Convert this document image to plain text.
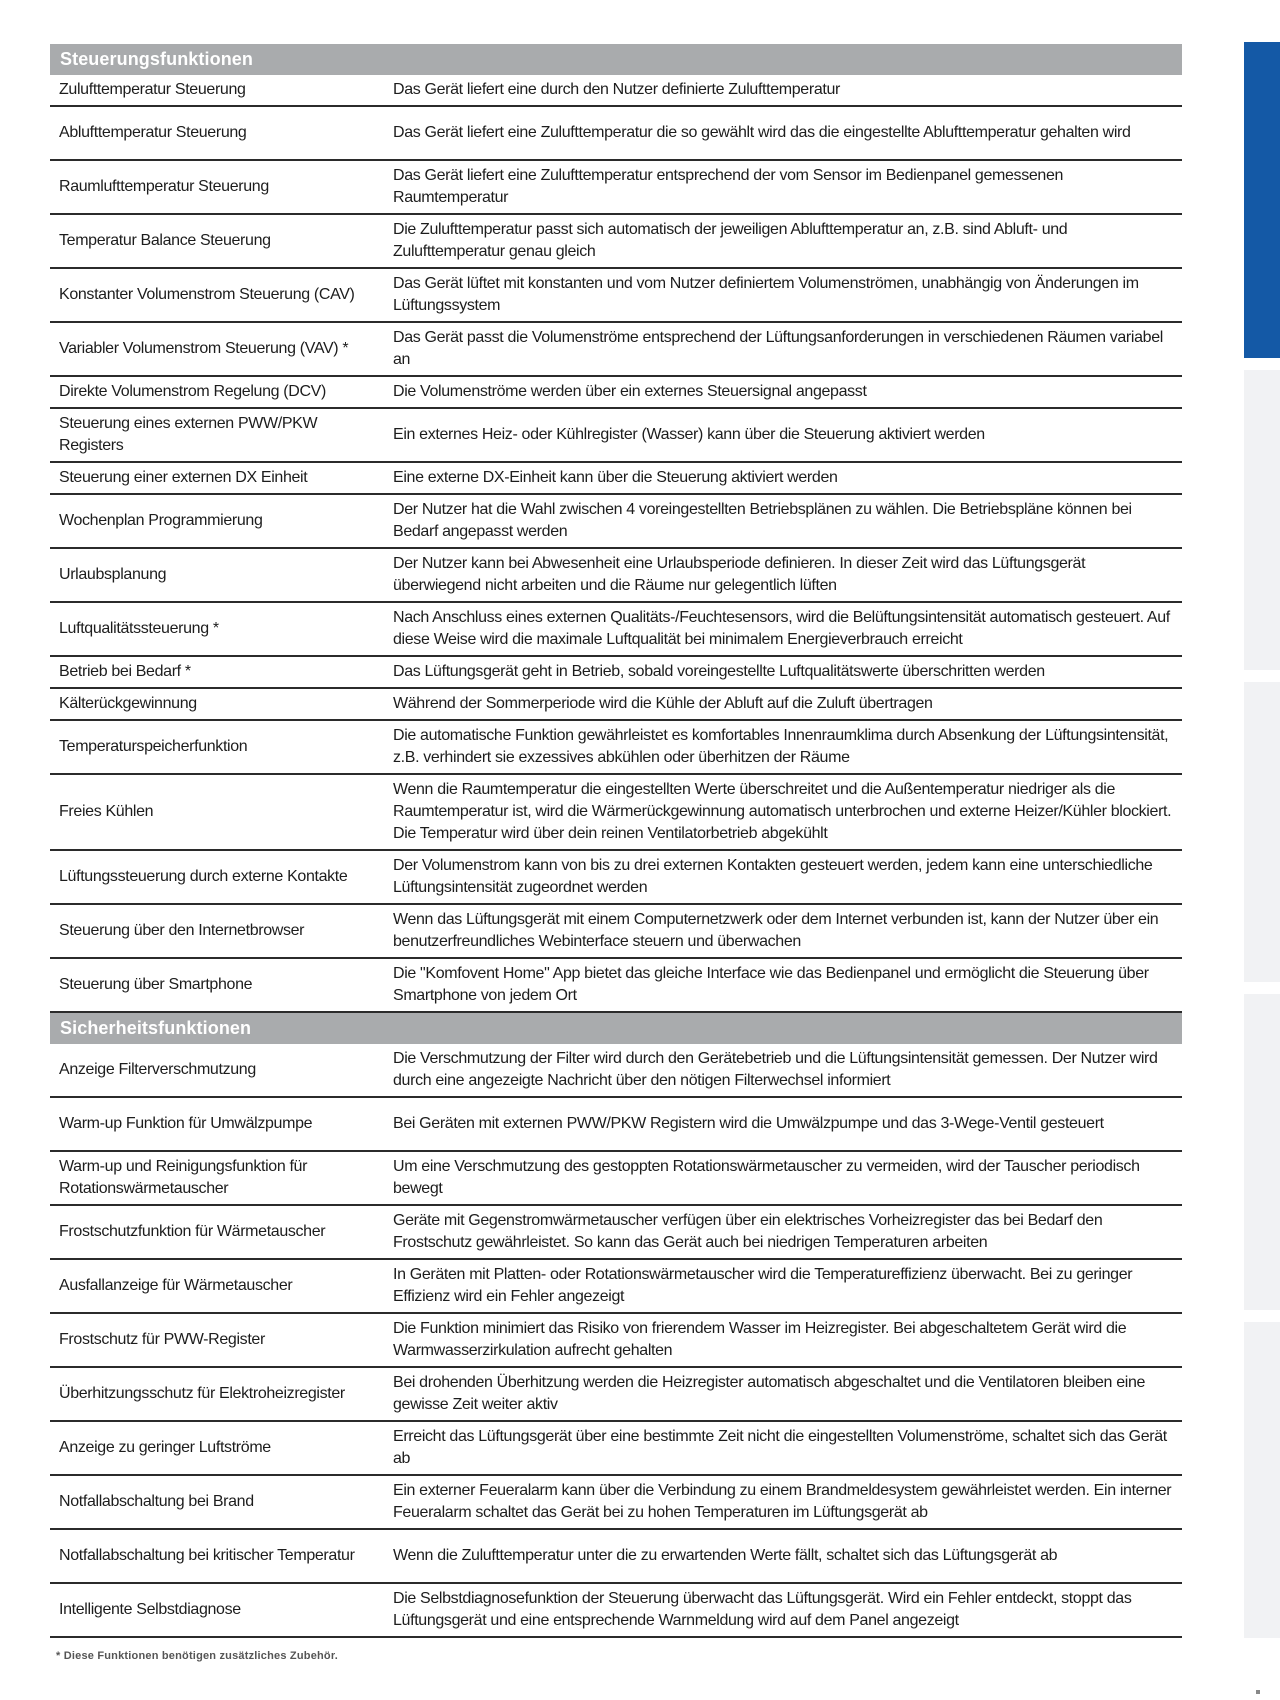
Steuerungsfunktionen	
Zulufttemperatur Steuerung	Das Gerät liefert eine durch den Nutzer definierte Zulufttemperatur
Ablufttemperatur Steuerung	Das Gerät liefert eine Zulufttemperatur die so gewählt wird das die eingestellte Ablufttemperatur gehalten wird
Raumlufttemperatur Steuerung	Das Gerät liefert eine Zulufttemperatur entsprechend der vom Sensor im Bedienpanel gemessenen Raumtemperatur
Temperatur Balance Steuerung	Die Zulufttemperatur passt sich automatisch der jeweiligen Ablufttemperatur an, z.B. sind Abluft- und Zulufttemperatur genau gleich
Konstanter Volumenstrom Steuerung (CAV)	Das Gerät lüftet mit konstanten und vom Nutzer definiertem Volumenströmen, unabhängig von Änderungen im Lüftungssystem
Variabler Volumenstrom Steuerung (VAV) *	Das Gerät passt die Volumenströme entsprechend der Lüftungsanforderungen in verschiedenen Räumen variabel an
Direkte Volumenstrom Regelung (DCV)	Die Volumenströme werden über ein externes Steuersignal angepasst
Steuerung eines externen PWW/PKW Registers	Ein externes Heiz- oder Kühlregister (Wasser) kann über die Steuerung aktiviert werden
Steuerung einer externen DX Einheit	Eine externe DX-Einheit kann über die Steuerung aktiviert werden
Wochenplan Programmierung	Der Nutzer hat die Wahl zwischen 4 voreingestellten Betriebsplänen zu wählen. Die Betriebspläne können bei Bedarf angepasst werden
Urlaubsplanung	Der Nutzer kann bei Abwesenheit eine Urlaubsperiode definieren. In dieser Zeit wird das Lüftungsgerät überwiegend nicht arbeiten und die Räume nur gelegentlich lüften
Luftqualitätssteuerung *	Nach Anschluss eines externen Qualitäts-/Feuchtesensors, wird die Belüftungsintensität automatisch gesteuert. Auf diese Weise wird die maximale Luftqualität bei minimalem Energieverbrauch erreicht
Betrieb bei Bedarf *	Das Lüftungsgerät geht in Betrieb, sobald voreingestellte Luftqualitätswerte überschritten werden
Kälterückgewinnung	Während der Sommerperiode wird die Kühle der Abluft auf die Zuluft übertragen
Temperaturspeicherfunktion	Die automatische Funktion gewährleistet es komfortables Innenraumklima durch Absenkung der Lüftungsintensität, z.B. verhindert sie exzessives abkühlen oder überhitzen der Räume
Freies Kühlen	Wenn die Raumtemperatur die eingestellten Werte überschreitet und die Außentemperatur niedriger als die Raumtemperatur ist, wird die Wärmerückgewinnung automatisch unterbrochen und externe Heizer/Kühler blockiert. Die Temperatur wird über dein reinen Ventilatorbetrieb abgekühlt
Lüftungssteuerung durch externe Kontakte	Der Volumenstrom kann von bis zu drei externen Kontakten gesteuert werden, jedem kann eine unterschiedliche Lüftungsintensität zugeordnet werden
Steuerung über den Internetbrowser	Wenn das Lüftungsgerät mit einem Computernetzwerk oder dem Internet verbunden ist, kann der Nutzer über ein benutzerfreundliches Webinterface steuern und überwachen
Steuerung über Smartphone	Die "Komfovent Home" App bietet das gleiche Interface wie das Bedienpanel und ermöglicht die Steuerung über Smartphone von jedem Ort
Sicherheitsfunktionen	
Anzeige Filterverschmutzung	Die Verschmutzung der Filter wird durch den Gerätebetrieb und die Lüftungsintensität gemessen. Der Nutzer wird durch eine angezeigte Nachricht über den nötigen Filterwechsel informiert
Warm-up Funktion für Umwälzpumpe	Bei Geräten mit externen PWW/PKW Registern wird die Umwälzpumpe und das 3-Wege-Ventil gesteuert
Warm-up und Reinigungsfunktion für Rotationswärmetauscher	Um eine Verschmutzung des gestoppten Rotationswärmetauscher zu vermeiden, wird der Tauscher periodisch bewegt
Frostschutzfunktion für Wärmetauscher	Geräte mit Gegenstromwärmetauscher verfügen über ein elektrisches Vorheizregister das bei Bedarf den Frostschutz gewährleistet. So kann das Gerät auch bei niedrigen Temperaturen arbeiten
Ausfallanzeige für Wärmetauscher	In Geräten mit Platten- oder Rotationswärmetauscher wird die Temperatureffizienz überwacht. Bei zu geringer Effizienz wird ein Fehler angezeigt
Frostschutz für PWW-Register	Die Funktion minimiert das Risiko von frierendem Wasser im Heizregister. Bei abgeschaltetem Gerät wird die Warmwasserzirkulation aufrecht gehalten
Überhitzungsschutz für Elektroheizregister	Bei drohenden Überhitzung werden die Heizregister automatisch abgeschaltet und die Ventilatoren bleiben eine gewisse Zeit weiter aktiv
Anzeige zu geringer Luftströme	Erreicht das Lüftungsgerät über eine bestimmte Zeit nicht die eingestellten Volumenströme, schaltet sich das Gerät ab
Notfallabschaltung bei Brand	Ein externer Feueralarm kann über die Verbindung zu einem Brandmeldesystem gewährleistet werden. Ein interner Feueralarm schaltet das Gerät bei zu hohen Temperaturen im Lüftungsgerät ab
Notfallabschaltung bei kritischer Temperatur	Wenn die Zulufttemperatur unter die zu erwartenden Werte fällt, schaltet sich das Lüftungsgerät ab
Intelligente Selbstdiagnose	Die Selbstdiagnosefunktion der Steuerung überwacht das Lüftungsgerät. Wird ein Fehler entdeckt, stoppt das Lüftungsgerät und eine entsprechende Warnmeldung wird auf dem Panel angezeigt
* Diese Funktionen benötigen zusätzliches Zubehör.
